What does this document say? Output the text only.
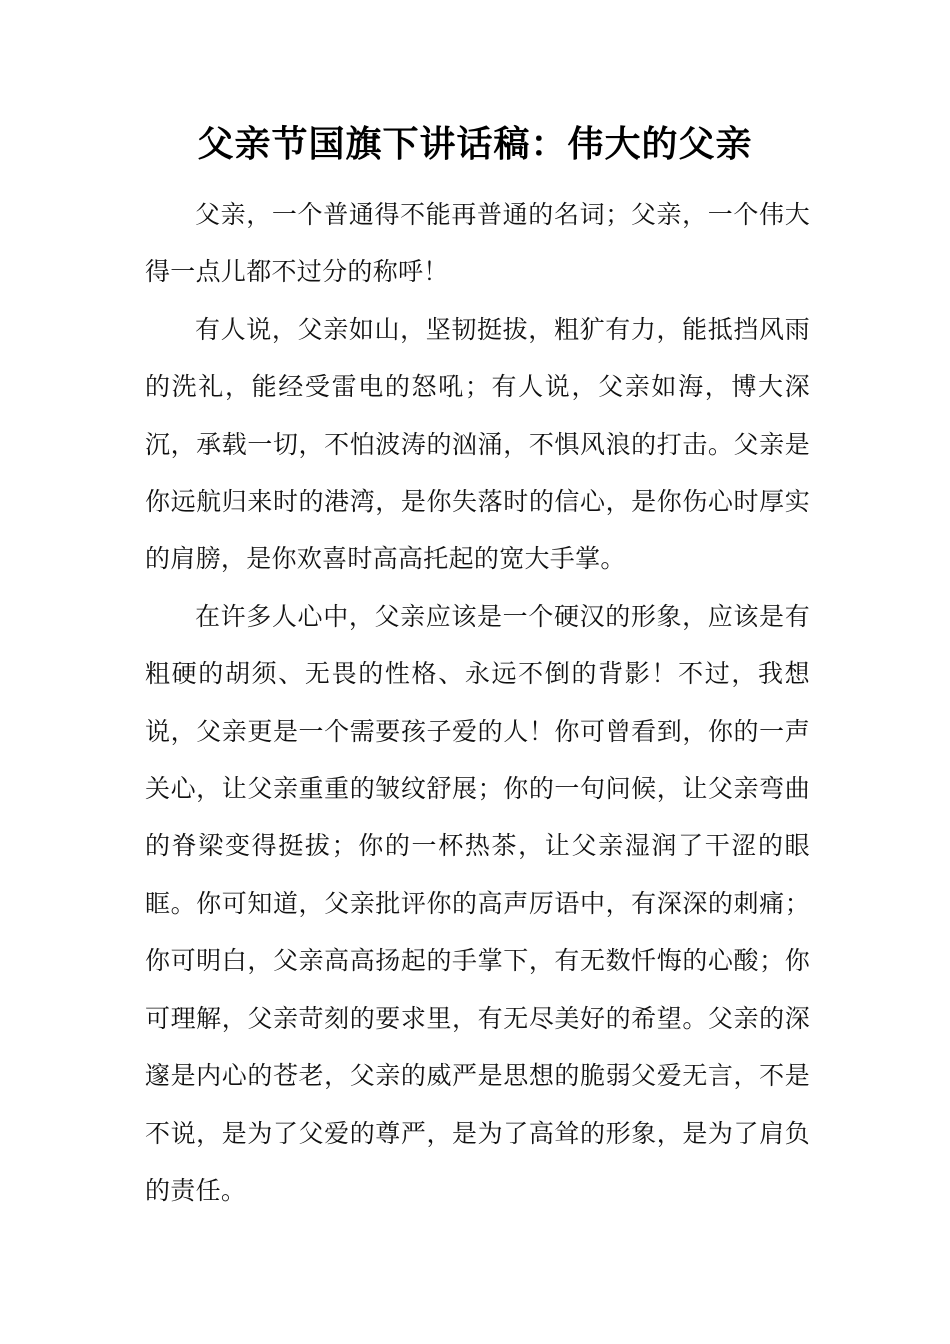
父亲节国旗下讲话稿：伟大的父亲

父亲，一个普通得不能再普通的名词；父亲，一个伟大得一点儿都不过分的称呼！

有人说，父亲如山，坚韧挺拔，粗犷有力，能抵挡风雨的洗礼，能经受雷电的怒吼；有人说，父亲如海，博大深沉，承载一切，不怕波涛的汹涌，不惧风浪的打击。父亲是你远航归来时的港湾，是你失落时的信心，是你伤心时厚实的肩膀，是你欢喜时高高托起的宽大手掌。

在许多人心中，父亲应该是一个硬汉的形象，应该是有粗硬的胡须、无畏的性格、永远不倒的背影！不过，我想说，父亲更是一个需要孩子爱的人！你可曾看到，你的一声关心，让父亲重重的皱纹舒展；你的一句问候，让父亲弯曲的脊梁变得挺拔；你的一杯热茶，让父亲湿润了干涩的眼眶。你可知道，父亲批评你的高声厉语中，有深深的刺痛；你可明白，父亲高高扬起的手掌下，有无数忏悔的心酸；你可理解，父亲苛刻的要求里，有无尽美好的希望。父亲的深邃是内心的苍老，父亲的威严是思想的脆弱父爱无言，不是不说，是为了父爱的尊严，是为了高耸的形象，是为了肩负的责任。
